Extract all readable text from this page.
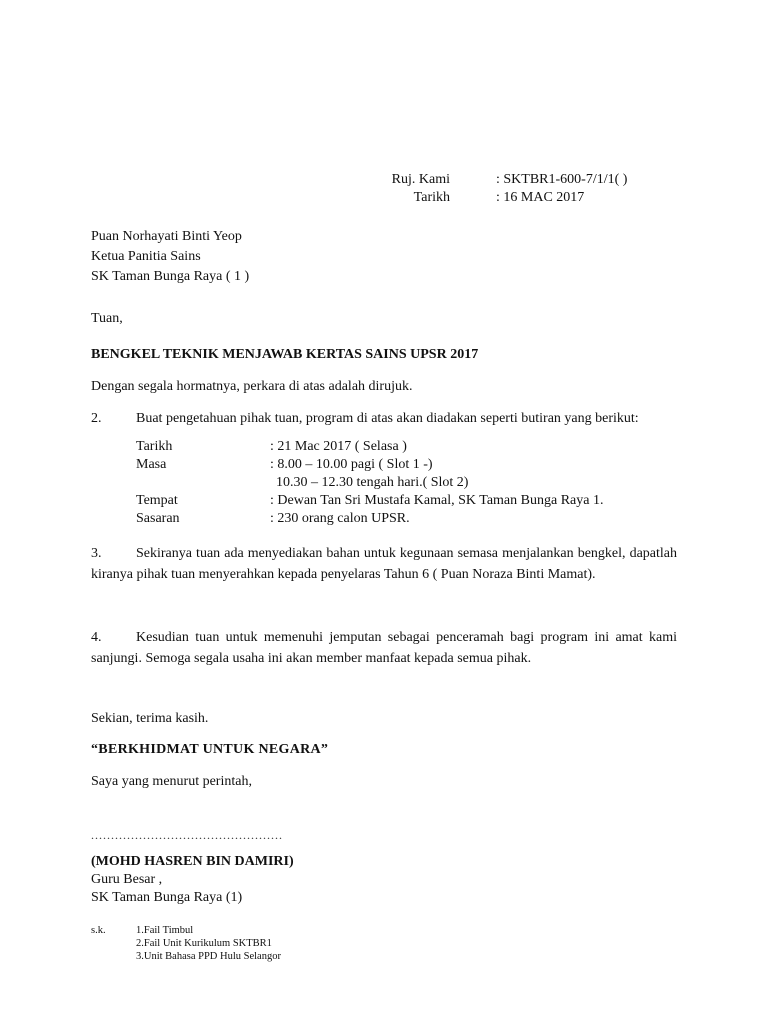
Ruj. Kami	: SKTBR1-600-7/1/1( )
Tarikh	: 16 MAC 2017
Puan Norhayati Binti Yeop
Ketua Panitia Sains
SK Taman Bunga Raya ( 1 )
Tuan,
BENGKEL TEKNIK MENJAWAB KERTAS SAINS UPSR 2017
Dengan segala hormatnya, perkara di atas adalah dirujuk.
2. Buat pengetahuan pihak tuan, program di atas akan diadakan seperti butiran yang berikut:
Tarikh	: 21 Mac 2017 ( Selasa )
Masa	: 8.00 – 10.00 pagi ( Slot 1 -)
10.30 – 12.30 tengah hari.( Slot 2)
Tempat	: Dewan Tan Sri Mustafa Kamal, SK Taman Bunga Raya 1.
Sasaran	: 230 orang calon UPSR.
3. Sekiranya tuan ada menyediakan bahan untuk kegunaan semasa menjalankan bengkel, dapatlah kiranya pihak tuan menyerahkan kepada penyelaras Tahun 6 ( Puan Noraza Binti Mamat).
4. Kesudian tuan untuk memenuhi jemputan sebagai penceramah bagi program ini amat kami sanjungi. Semoga segala usaha ini akan member manfaat kepada semua pihak.
Sekian, terima kasih.
“BERKHIDMAT UNTUK NEGARA”
Saya yang menurut perintah,
................................................
(MOHD HASREN BIN DAMIRI)
Guru Besar ,
SK Taman Bunga Raya (1)
s.k.	1.Fail Timbul
2.Fail Unit Kurikulum SKTBR1
3.Unit Bahasa PPD Hulu Selangor
